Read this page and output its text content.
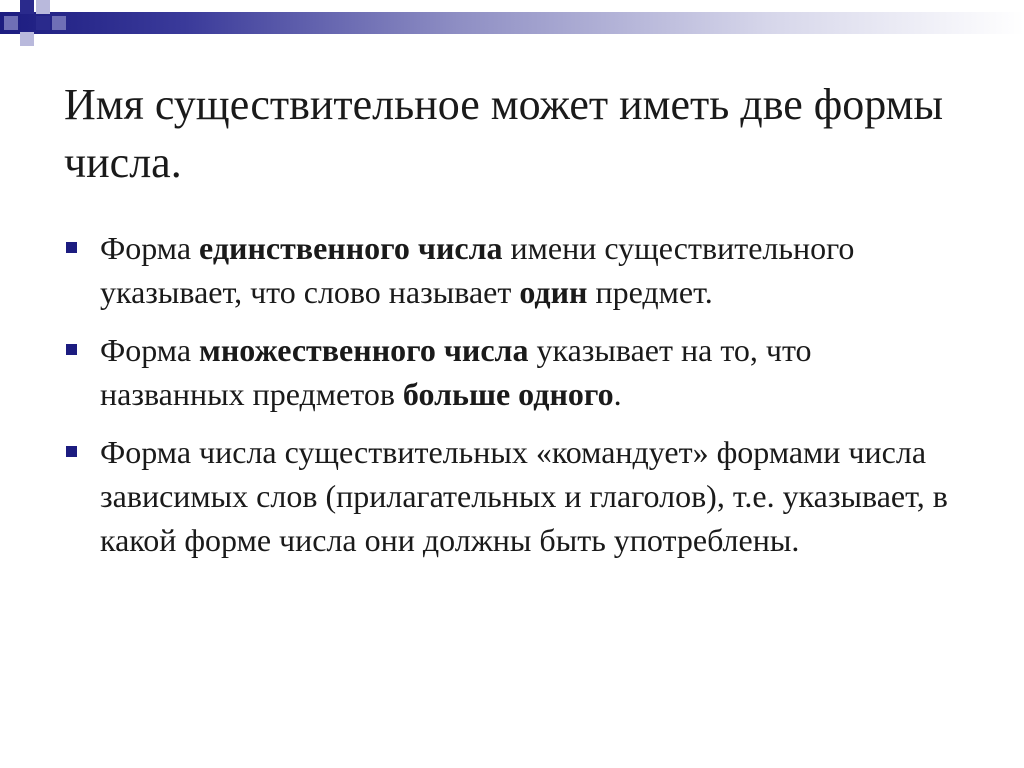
Имя существительное может иметь две формы числа.
Форма единственного числа имени существительного указывает, что слово называет один предмет.
Форма множественного числа указывает на то, что названных предметов больше одного.
Форма числа существительных «командует» формами числа зависимых слов (прилагательных и глаголов), т.е. указывает, в какой форме числа они должны быть употреблены.
